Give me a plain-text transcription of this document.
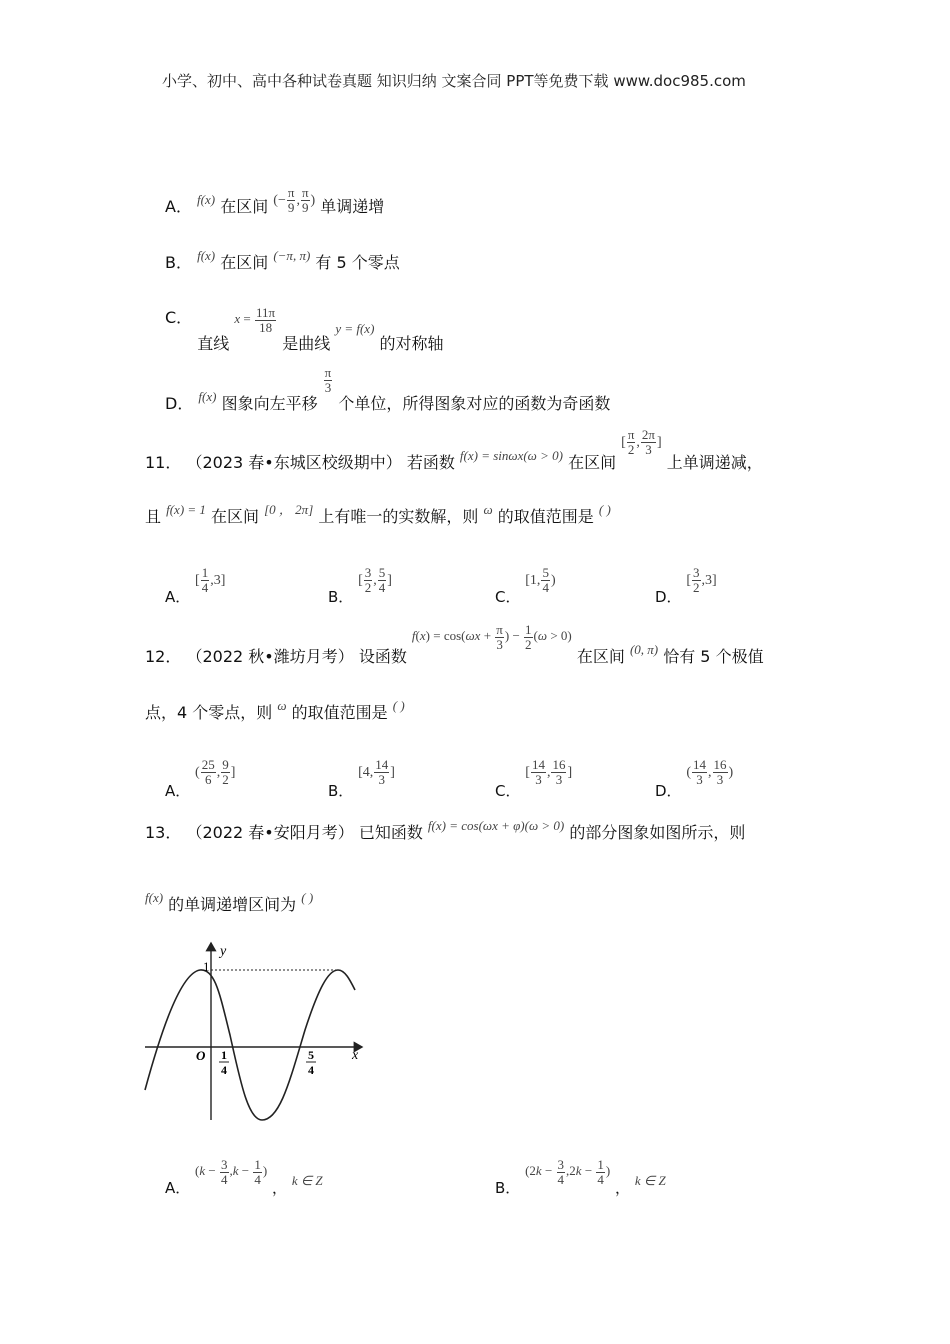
小学、初中、高中各种试卷真题 知识归纳 文案合同 PPT等免费下载 www.doc985.com
A． $^{f(x)}$ 在区间 (− $\frac{\pi}{9}$ , $\frac{\pi}{9}$ ) 单调递增
B． $^{f(x)}$ 在区间 $^{(-\pi, \pi)}$ 有 5 个零点
C． 直线 $x = \frac{11\pi}{18}$
是曲线 $_{y = f(x)}$ 的对称轴
D． $_{f(x)}$ 图象向左平移
$\frac{\pi}{3}$
个单位，所得图象对应的函数为奇函数
11． （2023 春•东城区校级期中） 若函数 $_{f(x) = sin\omega x(\omega > 0)}$ 在区间 [ $\frac{\pi}{2}$ , $\frac{2\pi}{3}$ ] 上单调递减，
且 $^{f(x) = 1}$ 在区间 [0 ， 2π] 上有唯一的实数解，则 $^\omega$ 的取值范围是 ( )
A． [ $\frac{1}{4} ,3$]
B． [ $\frac{3}{2}$ , $\frac{5}{4}$ ]
C． [1, $\frac{5}{4}$ )
D． [ $\frac{3}{2} ,3$]
12． （2022 秋•潍坊月考） 设函数 $f(x) = \cos(\omega x + \frac{\pi}{3}$ ) − $\frac{1}{2} (\omega > 0)$ 在区间 $_{(0, \pi)}$ 恰有 5 个极值
点，4 个零点，则 $^\omega$ 的取值范围是 ( )
A． ( $\frac{25}{6}$ , $\frac{9}{2}$ ]
B． [4, $\frac{14}{3}$ ]
C． [ $\frac{14}{3}$ , $\frac{16}{3}$ ]
D． ( $\frac{14}{3}$ , $\frac{16}{3}$ )
13． （2022 春•安阳月考） 已知函数 $^{f(x) = cos(\omega x + \varphi)(\omega > 0)}$ 的部分图象如图所示，则
$^{f(x)}$ 的单调递增区间为 ( )
y
x
O
1
1
4
5
4
A． ($k - \frac{3}{4} ,k - \frac{1}{4}$ ) ， k ∈ Z	B． ($2k - \frac{3}{4} ,2k - \frac{1}{4}$ ) ， k ∈ Z
